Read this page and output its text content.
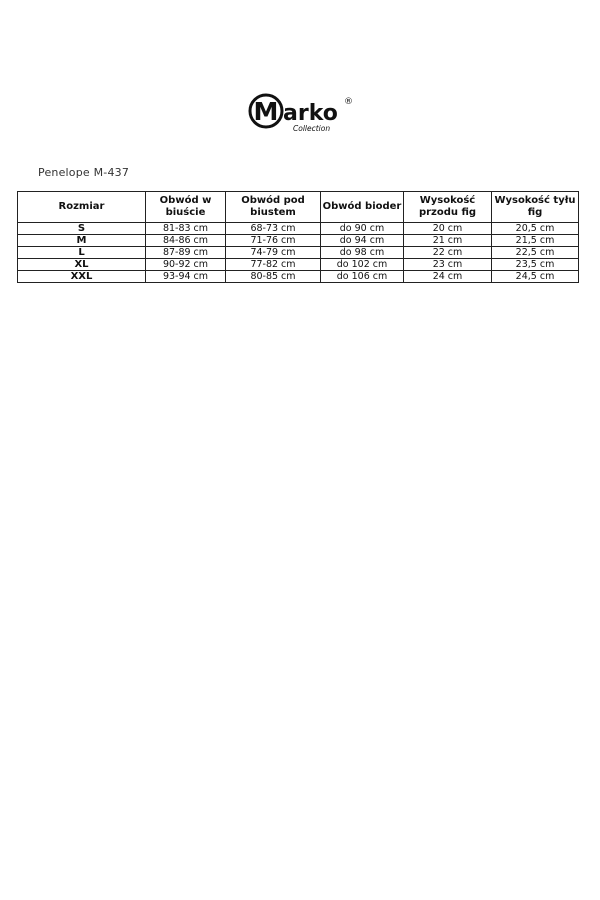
M arko ®
Collection
Penelope M-437
Rozmiar	Obwód w biuście	Obwód pod biustem	Obwód bioder	Wysokość przodu fig	Wysokość tyłu fig
S	81-83 cm	68-73 cm	do 90 cm	20 cm	20,5 cm
M	84-86 cm	71-76 cm	do 94 cm	21 cm	21,5 cm
L	87-89 cm	74-79 cm	do 98 cm	22 cm	22,5 cm
XL	90-92 cm	77-82 cm	do 102 cm	23 cm	23,5 cm
XXL	93-94 cm	80-85 cm	do 106 cm	24 cm	24,5 cm
